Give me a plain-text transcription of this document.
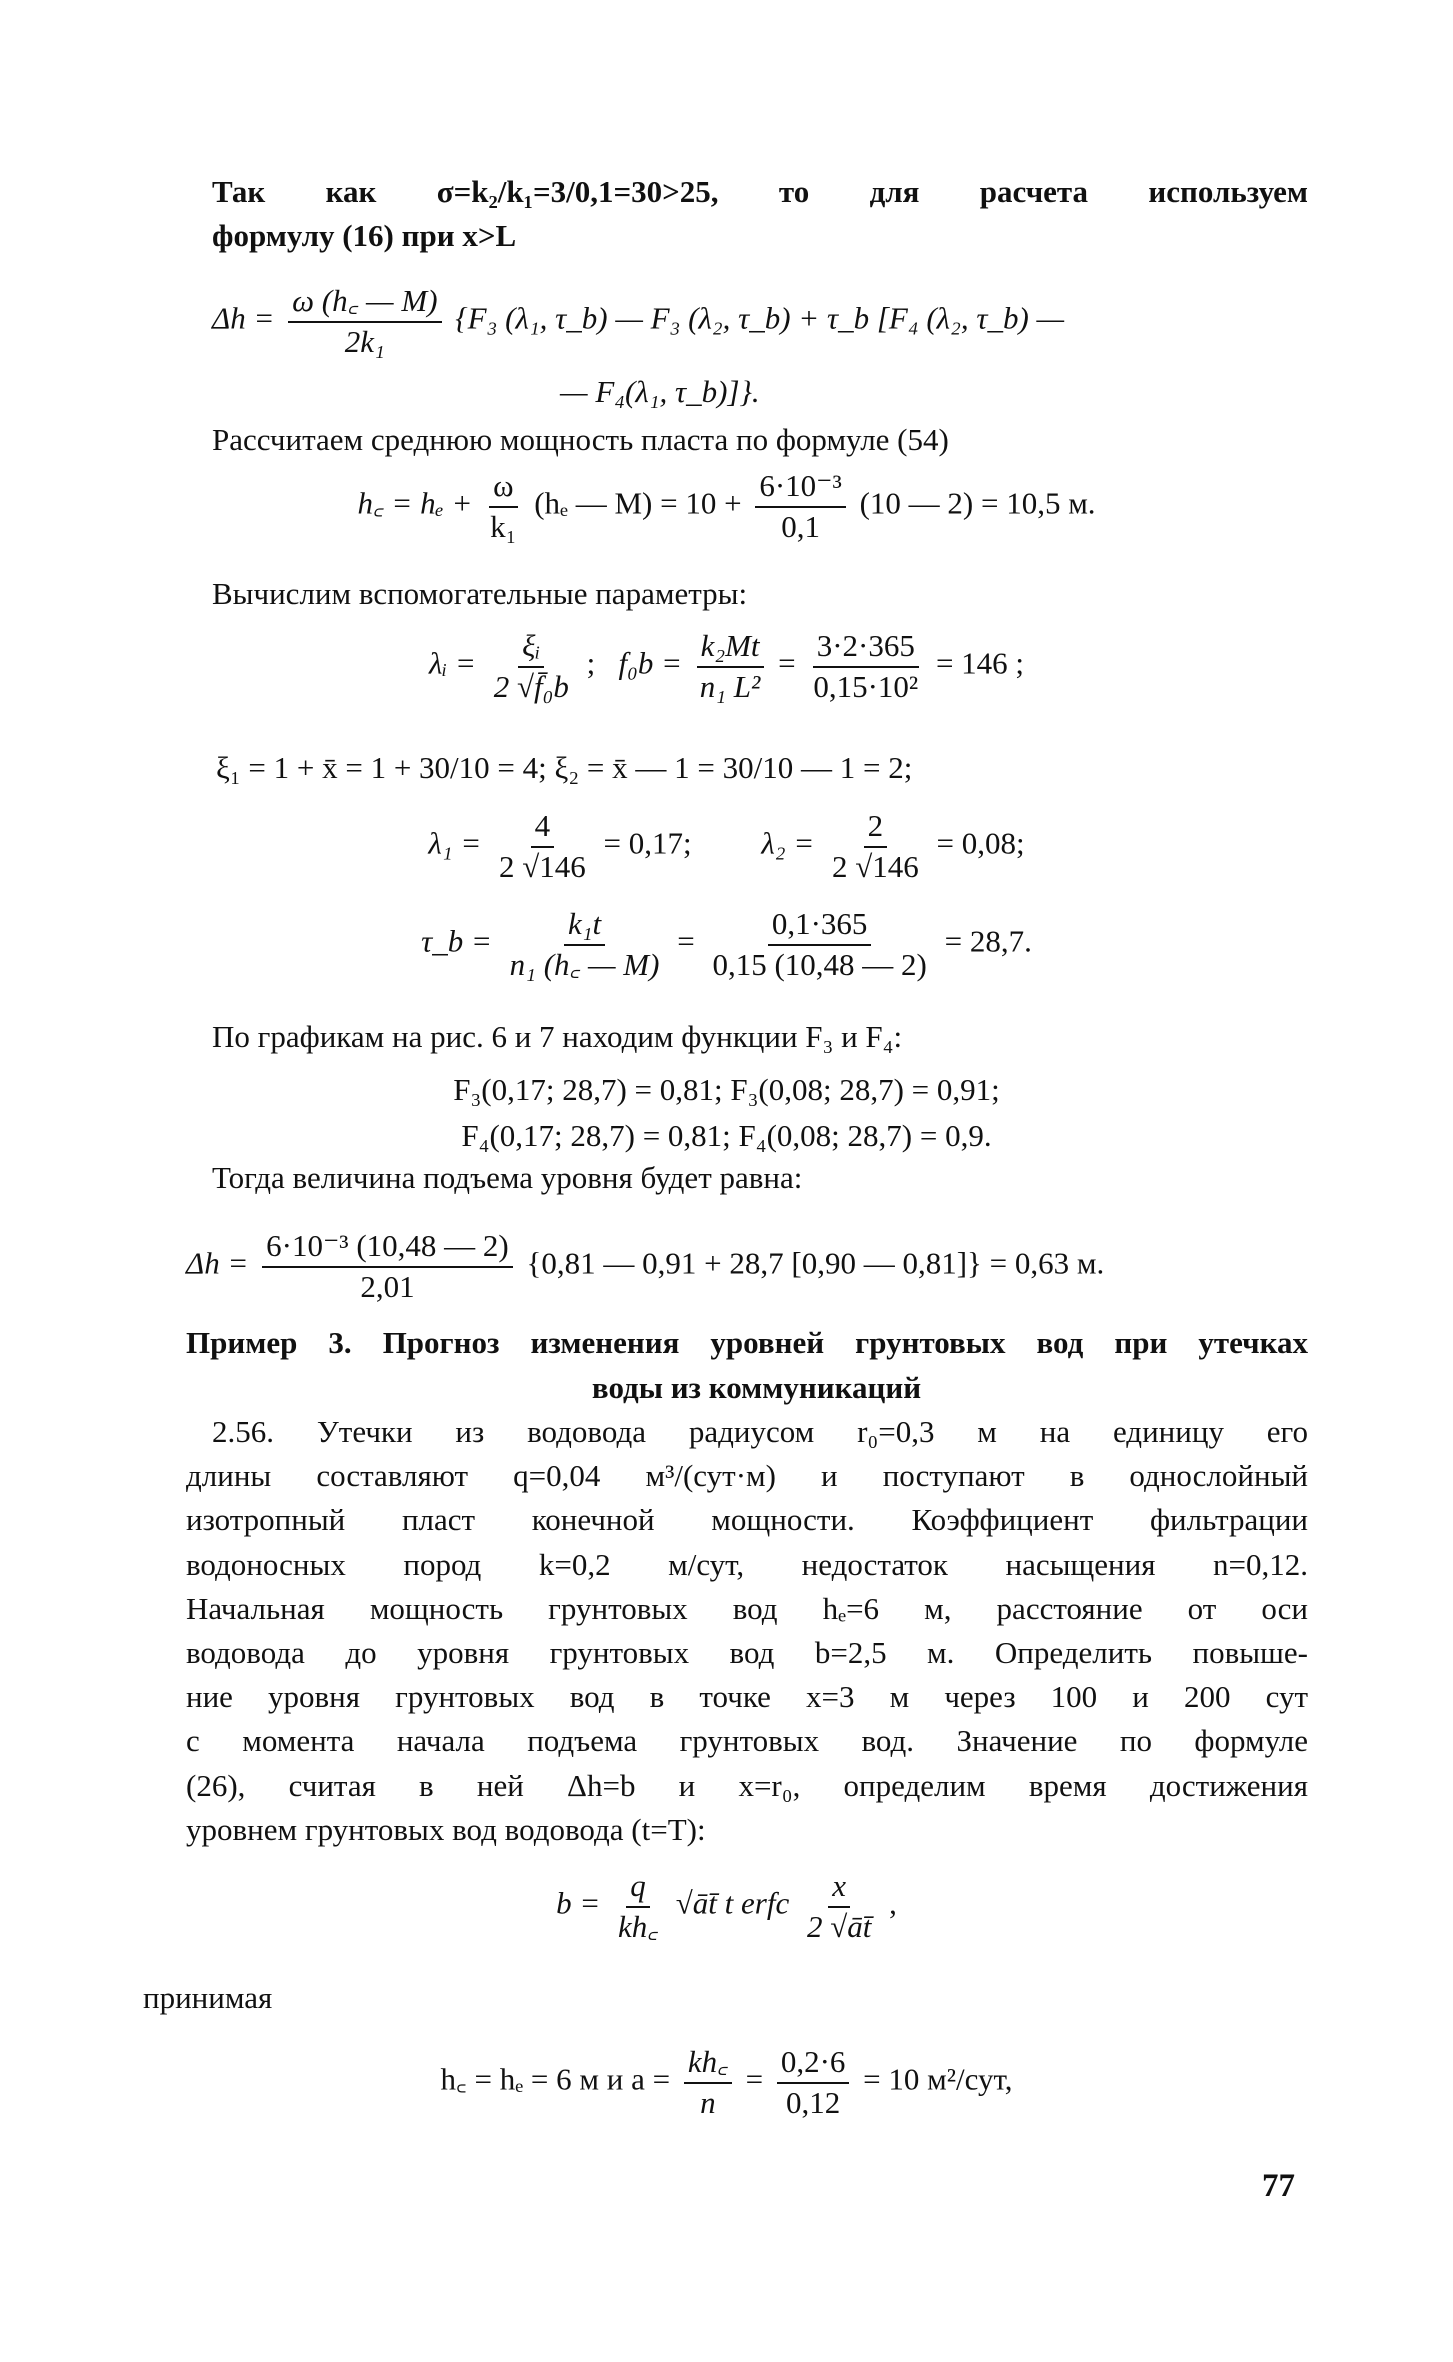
Так как σ=k₂/k₁=3/0,1=30>25, то для расчета используем
формулу (16) при x>L
$\Delta h = \frac{\omega (h꜀ — M)}{\text{2k₁}} \{F_3$ (λ₁, τ_b) — F₃ (λ₂, τ_b) + τ_b [F₄ (λ₂, τ_b) —
— F₄(λ₁, τ_b)]}.
Рассчитаем среднюю мощность пласта по формуле (54)
h꜀ = $h_e + \frac{\omega}{\text{k₁}} (h_e$ — $M) = 10 + \frac{\text{6·10⁻³}}{0,1} (10$ — 2) = 10,5 м.
Вычислим вспомогательные параметры:
λᵢ = $\frac{\text{ξᵢ}}{\text{2 √f̄₀b}}$ ; $f_0b = \frac{\text{k₂Mt}}{\text{n₁ L²}} = \frac{3\cdot 2\cdot 365}{\text{0,15·10²}} = 146$ ;
ξ₁ = 1 + x̄ = 1 + 30/10 = 4; ξ₂ = x̄ — 1 = 30/10 — 1 = 2;
$\lambda_1 = \frac{4}{2 √146} = 0,17$; $\lambda_2 = \frac{2}{2 √146} = 0,08$;
τ_b = $\frac{\text{k₁t}}{\text{n₁ (h꜀ — M)}} = \frac{0,1\cdot 365}{0,15 (10,48 — 2)} = 28,7$.
По графикам на рис. 6 и 7 находим функции F₃ и F₄:
F₃(0,17; 28,7) = 0,81; F₃(0,08; 28,7) = 0,91;
F₄(0,17; 28,7) = 0,81; F₄(0,08; 28,7) = 0,9.
Тогда величина подъема уровня будет равна:
$\Delta h = \frac{\text{6·10⁻³ (10,48 — 2)}}{2,01} \{0,81$ — 0,91 + 28,7 [0,90 — 0,81]} = 0,63 м.
Пример 3. Прогноз изменения уровней грунтовых вод при утечках
воды из коммуникаций
2.56. Утечки из водовода радиусом r₀=0,3 м на единицу его
длины составляют q=0,04 м³/(сут·м) и поступают в однослойный
изотропный пласт конечной мощности. Коэффициент фильтрации
водоносных пород k=0,2 м/сут, недостаток насыщения n=0,12.
Начальная мощность грунтовых вод hₑ=6 м, расстояние от оси
водовода до уровня грунтовых вод b=2,5 м. Определить повыше-
ние уровня грунтовых вод в точке x=3 м через 100 и 200 сут
с момента начала подъема грунтовых вод. Значение по формуле
(26), считая в ней Δh=b и x=r₀, определим время достижения
уровнем грунтовых вод водовода (t=T):
$b = \frac{q}{kh꜀}$ √āt̄ t erfc $\frac{x}{2 √āt̄}$ ,
принимая
h꜀ = hₑ = 6 м и $a = \frac{kh꜀}{n} = \frac{0,2\cdot 6}{0,12} = 10$ м²/сут,
77
